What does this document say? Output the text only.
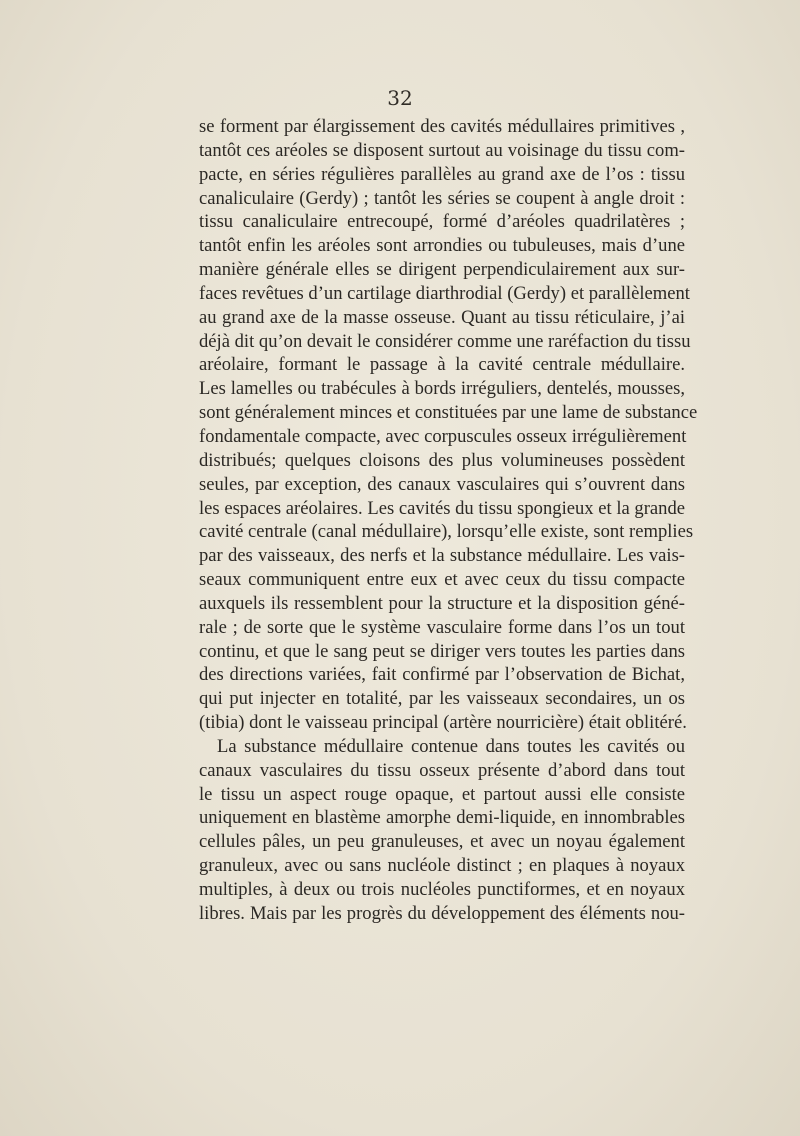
32
se forment par élargissement des cavités médullaires primitives ,
tantôt ces aréoles se disposent surtout au voisinage du tissu com-
pacte, en séries régulières parallèles au grand axe de l’os : tissu
canaliculaire (Gerdy) ; tantôt les séries se coupent à angle droit :
tissu canaliculaire entrecoupé, formé d’aréoles quadrilatères ;
tantôt enfin les aréoles sont arrondies ou tubuleuses, mais d’une
manière générale elles se dirigent perpendiculairement aux sur-
faces revêtues d’un cartilage diarthrodial (Gerdy) et parallèlement
au grand axe de la masse osseuse. Quant au tissu réticulaire, j’ai
déjà dit qu’on devait le considérer comme une raréfaction du tissu
aréolaire, formant le passage à la cavité centrale médullaire.
Les lamelles ou trabécules à bords irréguliers, dentelés, mousses,
sont généralement minces et constituées par une lame de substance
fondamentale compacte, avec corpuscules osseux irrégulièrement
distribués; quelques cloisons des plus volumineuses possèdent
seules, par exception, des canaux vasculaires qui s’ouvrent dans
les espaces aréolaires. Les cavités du tissu spongieux et la grande
cavité centrale (canal médullaire), lorsqu’elle existe, sont remplies
par des vaisseaux, des nerfs et la substance médullaire. Les vais-
seaux communiquent entre eux et avec ceux du tissu compacte
auxquels ils ressemblent pour la structure et la disposition géné-
rale ; de sorte que le système vasculaire forme dans l’os un tout
continu, et que le sang peut se diriger vers toutes les parties dans
des directions variées, fait confirmé par l’observation de Bichat,
qui put injecter en totalité, par les vaisseaux secondaires, un os
(tibia) dont le vaisseau principal (artère nourricière) était oblitéré.
La substance médullaire contenue dans toutes les cavités ou
canaux vasculaires du tissu osseux présente d’abord dans tout
le tissu un aspect rouge opaque, et partout aussi elle consiste
uniquement en blastème amorphe demi-liquide, en innombrables
cellules pâles, un peu granuleuses, et avec un noyau également
granuleux, avec ou sans nucléole distinct ; en plaques à noyaux
multiples, à deux ou trois nucléoles punctiformes, et en noyaux
libres. Mais par les progrès du développement des éléments nou-
